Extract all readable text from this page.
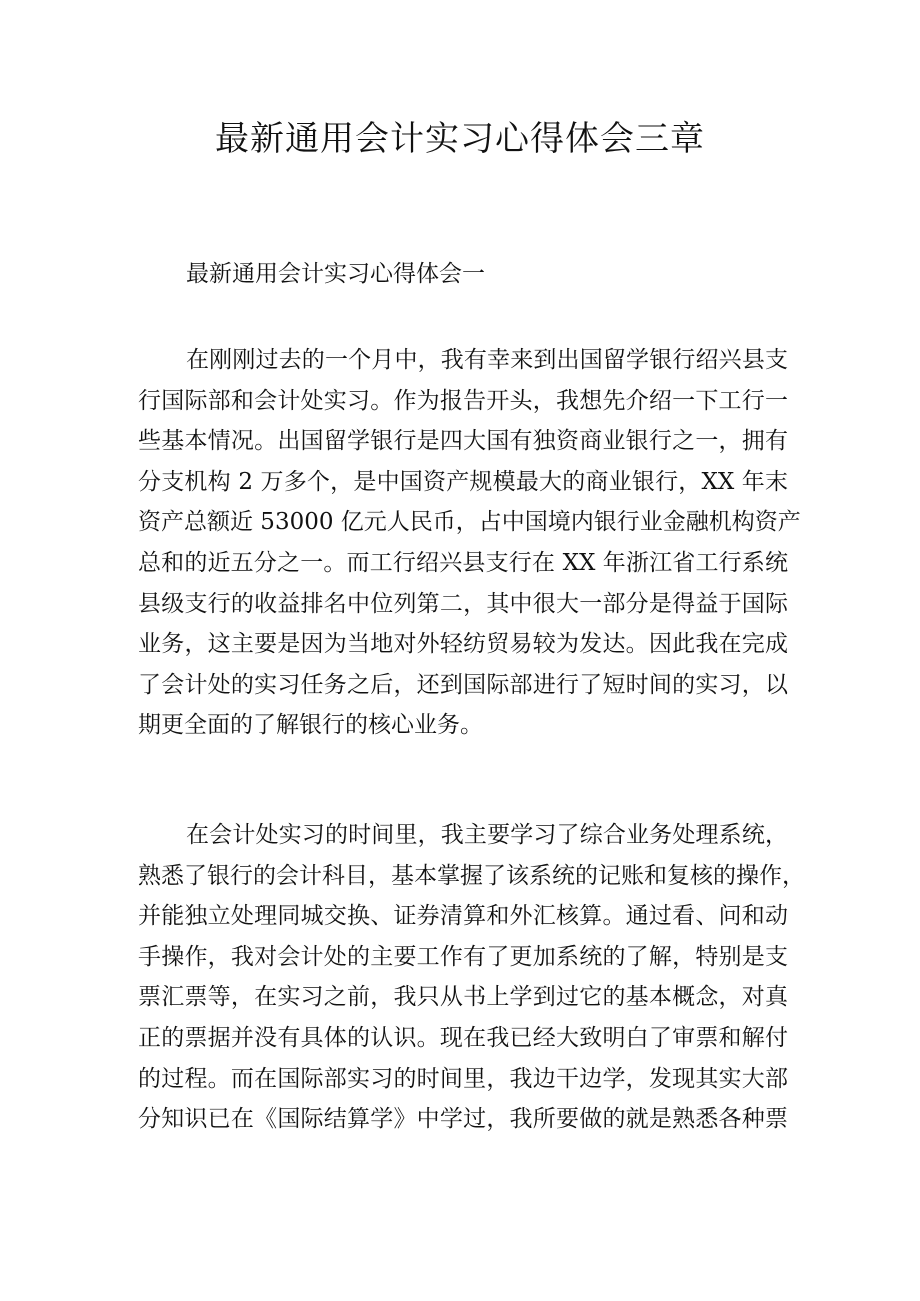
最新通用会计实习心得体会三章

最新通用会计实习心得体会一

在刚刚过去的一个月中，我有幸来到出国留学银行绍兴县支
行国际部和会计处实习。作为报告开头，我想先介绍一下工行一
些基本情况。出国留学银行是四大国有独资商业银行之一，拥有
分支机构 2 万多个，是中国资产规模最大的商业银行，XX 年末
资产总额近 53000 亿元人民币，占中国境内银行业金融机构资产
总和的近五分之一。而工行绍兴县支行在 XX 年浙江省工行系统
县级支行的收益排名中位列第二，其中很大一部分是得益于国际
业务，这主要是因为当地对外轻纺贸易较为发达。因此我在完成
了会计处的实习任务之后，还到国际部进行了短时间的实习，以
期更全面的了解银行的核心业务。
在会计处实习的时间里，我主要学习了综合业务处理系统，
熟悉了银行的会计科目，基本掌握了该系统的记账和复核的操作，
并能独立处理同城交换、证券清算和外汇核算。通过看、问和动
手操作，我对会计处的主要工作有了更加系统的了解，特别是支
票汇票等，在实习之前，我只从书上学到过它的基本概念，对真
正的票据并没有具体的认识。现在我已经大致明白了审票和解付
的过程。而在国际部实习的时间里，我边干边学，发现其实大部
分知识已在《国际结算学》中学过，我所要做的就是熟悉各种票
